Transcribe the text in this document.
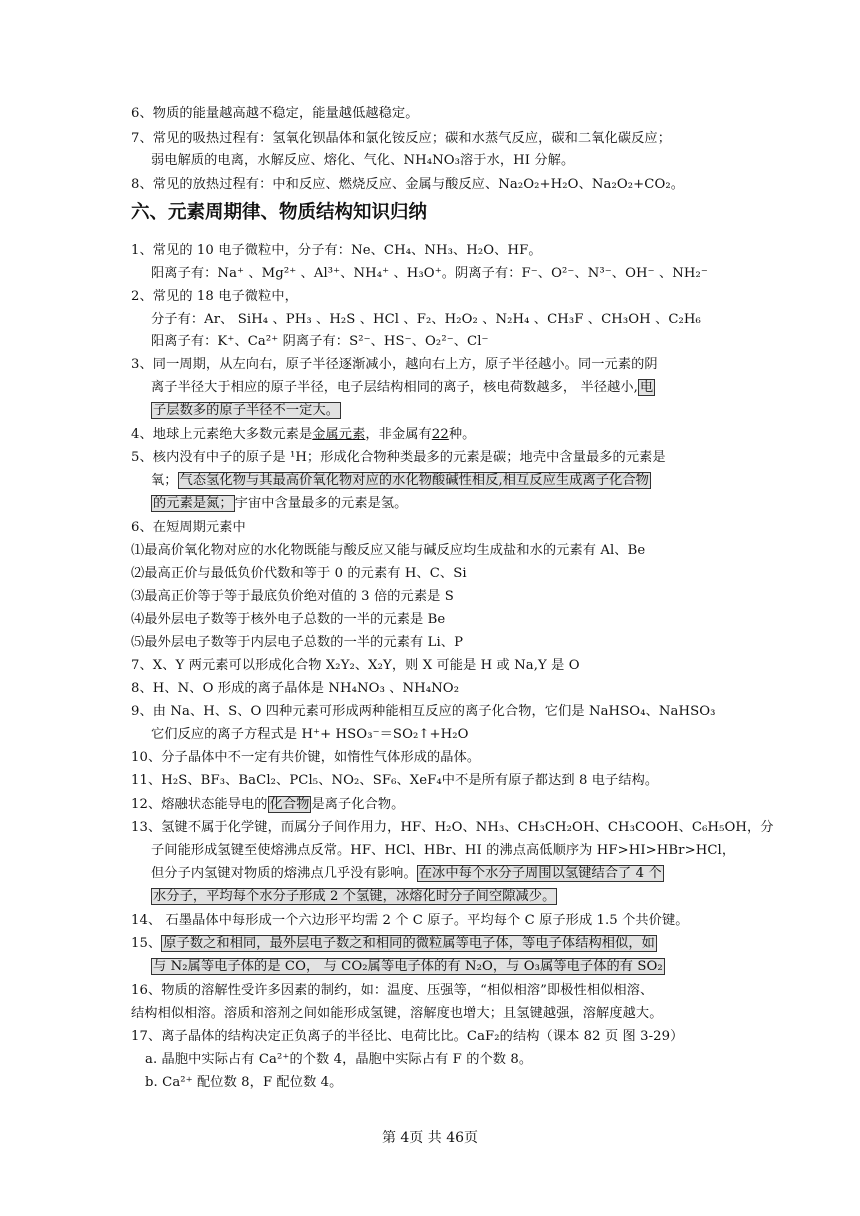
6、物质的能量越高越不稳定，能量越低越稳定。
7、常见的吸热过程有：氢氧化钡晶体和氯化铵反应；碳和水蒸气反应，碳和二氧化碳反应；
弱电解质的电离，水解反应、熔化、气化、NH₄NO₃溶于水，HI 分解。
8、常见的放热过程有：中和反应、燃烧反应、金属与酸反应、Na₂O₂+H₂O、Na₂O₂+CO₂。
六、元素周期律、物质结构知识归纳
1、常见的 10 电子微粒中，分子有：Ne、CH₄、NH₃、H₂O、HF。
阳离子有：Na⁺ 、Mg²⁺ 、Al³⁺、NH₄⁺ 、H₃O⁺。阴离子有：F⁻、O²⁻、N³⁻、OH⁻ 、NH₂⁻
2、常见的 18 电子微粒中，
分子有：Ar、 SiH₄ 、PH₃ 、H₂S 、HCl 、F₂、H₂O₂ 、N₂H₄ 、CH₃F 、CH₃OH 、C₂H₆
阳离子有：K⁺、Ca²⁺ 阴离子有：S²⁻、HS⁻、O₂²⁻、Cl⁻
3、同一周期，从左向右，原子半径逐渐减小，越向右上方，原子半径越小。同一元素的阴
离子半径大于相应的原子半径，电子层结构相同的离子，核电荷数越多， 半径越小, 电
子层数多的原子半径不一定大。
4、地球上元素绝大多数元素是金属元素，非金属有22种。
5、核内没有中子的原子是 ¹H；形成化合物种类最多的元素是碳；地壳中含量最多的元素是
氧； 气态氢化物与其最高价氧化物对应的水化物酸碱性相反,相互反应生成离子化合物
的元素是氮； 宇宙中含量最多的元素是氢。
6、在短周期元素中
⑴最高价氧化物对应的水化物既能与酸反应又能与碱反应均生成盐和水的元素有 Al、Be
⑵最高正价与最低负价代数和等于 0 的元素有 H、C、Si
⑶最高正价等于等于最底负价绝对值的 3 倍的元素是 S
⑷最外层电子数等于核外电子总数的一半的元素是 Be
⑸最外层电子数等于内层电子总数的一半的元素有 Li、P
7、X、Y 两元素可以形成化合物 X₂Y₂、X₂Y，则 X 可能是 H 或 Na,Y 是 O
8、H、N、O 形成的离子晶体是 NH₄NO₃ 、NH₄NO₂
9、由 Na、H、S、O 四种元素可形成两种能相互反应的离子化合物，它们是 NaHSO₄、NaHSO₃
它们反应的离子方程式是 H⁺+ HSO₃⁻＝SO₂↑+H₂O
10、分子晶体中不一定有共价键，如惰性气体形成的晶体。
11、H₂S、BF₃、BaCl₂、PCl₅、NO₂、SF₆、XeF₄中不是所有原子都达到 8 电子结构。
12、熔融状态能导电的 化合物 是离子化合物。
13、氢键不属于化学键，而属分子间作用力，HF、H₂O、NH₃、CH₃CH₂OH、CH₃COOH、C₆H₅OH，分
子间能形成氢键至使熔沸点反常。HF、HCl、HBr、HI 的沸点高低顺序为 HF>HI>HBr>HCl，
但分子内氢键对物质的熔沸点几乎没有影响。 在冰中每个水分子周围以氢键结合了 4 个
水分子，平均每个水分子形成 2 个氢键，冰熔化时分子间空隙减少。
14、 石墨晶体中每形成一个六边形平均需 2 个 C 原子。平均每个 C 原子形成 1.5 个共价键。
15、 原子数之和相同，最外层电子数之和相同的微粒属等电子体，等电子体结构相似，如
与 N₂属等电子体的是 CO， 与 CO₂属等电子体的有 N₂O，与 O₃属等电子体的有 SO₂
16、物质的溶解性受许多因素的制约，如：温度、压强等，“相似相溶”即极性相似相溶、
结构相似相溶。溶质和溶剂之间如能形成氢键，溶解度也增大；且氢键越强，溶解度越大。
17、离子晶体的结构决定正负离子的半径比、电荷比比。CaF₂的结构（课本 82 页 图 3-29）
a. 晶胞中实际占有 Ca²⁺的个数 4，晶胞中实际占有 F 的个数 8。
b. Ca²⁺ 配位数 8，F 配位数 4。
第 4页 共 46页
